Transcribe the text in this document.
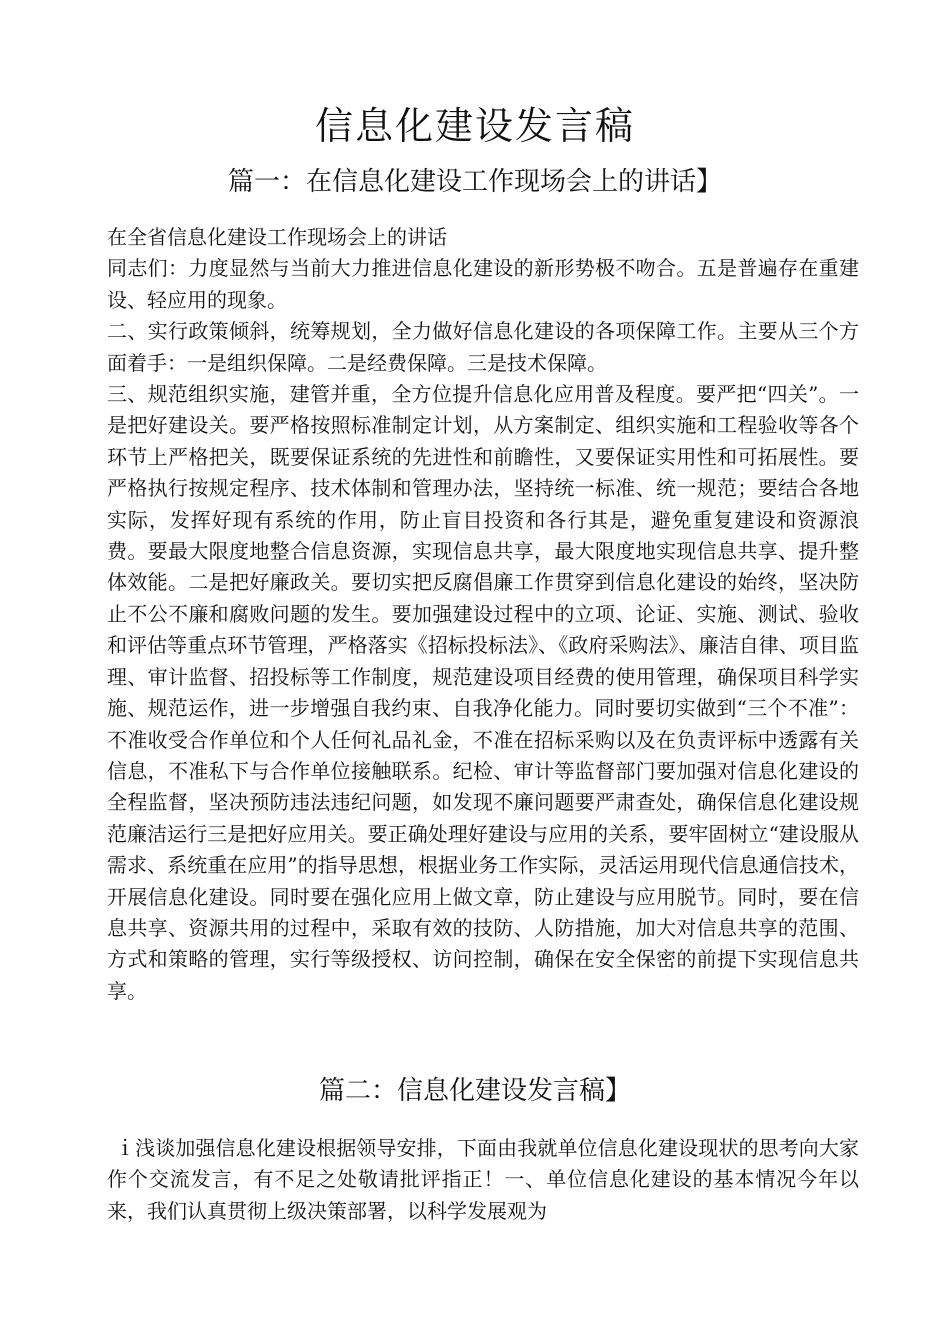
信息化建设发言稿
篇一：在信息化建设工作现场会上的讲话】

在全省信息化建设工作现场会上的讲话

同志们：力度显然与当前大力推进信息化建设的新形势极不吻合。五是普遍存在重建设、轻应用的现象。

二、实行政策倾斜，统筹规划，全力做好信息化建设的各项保障工作。主要从三个方面着手：一是组织保障。二是经费保障。三是技术保障。

三、规范组织实施，建管并重，全方位提升信息化应用普及程度。要严把“四关”。一是把好建设关。要严格按照标准制定计划，从方案制定、组织实施和工程验收等各个环节上严格把关，既要保证系统的先进性和前瞻性，又要保证实用性和可拓展性。要严格执行按规定程序、技术体制和管理办法，坚持统一标准、统一规范；要结合各地实际，发挥好现有系统的作用，防止盲目投资和各行其是，避免重复建设和资源浪费。要最大限度地整合信息资源，实现信息共享，最大限度地实现信息共享、提升整体效能。二是把好廉政关。要切实把反腐倡廉工作贯穿到信息化建设的始终，坚决防止不公不廉和腐败问题的发生。要加强建设过程中的立项、论证、实施、测试、验收和评估等重点环节管理，严格落实《招标投标法》、《政府采购法》、廉洁自律、项目监理、审计监督、招投标等工作制度，规范建设项目经费的使用管理，确保项目科学实施、规范运作，进一步增强自我约束、自我净化能力。同时要切实做到“三个不准”：不准收受合作单位和个人任何礼品礼金，不准在招标采购以及在负责评标中透露有关信息，不准私下与合作单位接触联系。纪检、审计等监督部门要加强对信息化建设的全程监督，坚决预防违法违纪问题，如发现不廉问题要严肃查处，确保信息化建设规范廉洁运行三是把好应用关。要正确处理好建设与应用的关系，要牢固树立“建设服从需求、系统重在应用”的指导思想，根据业务工作实际，灵活运用现代信息通信技术，开展信息化建设。同时要在强化应用上做文章，防止建设与应用脱节。同时，要在信息共享、资源共用的过程中，采取有效的技防、人防措施，加大对信息共享的范围、方式和策略的管理，实行等级授权、访问控制，确保在安全保密的前提下实现信息共享。

篇二：信息化建设发言稿】

ｉ浅谈加强信息化建设根据领导安排，下面由我就单位信息化建设现状的思考向大家作个交流发言，有不足之处敬请批评指正！一、单位信息化建设的基本情况今年以来，我们认真贯彻上级决策部署，以科学发展观为
